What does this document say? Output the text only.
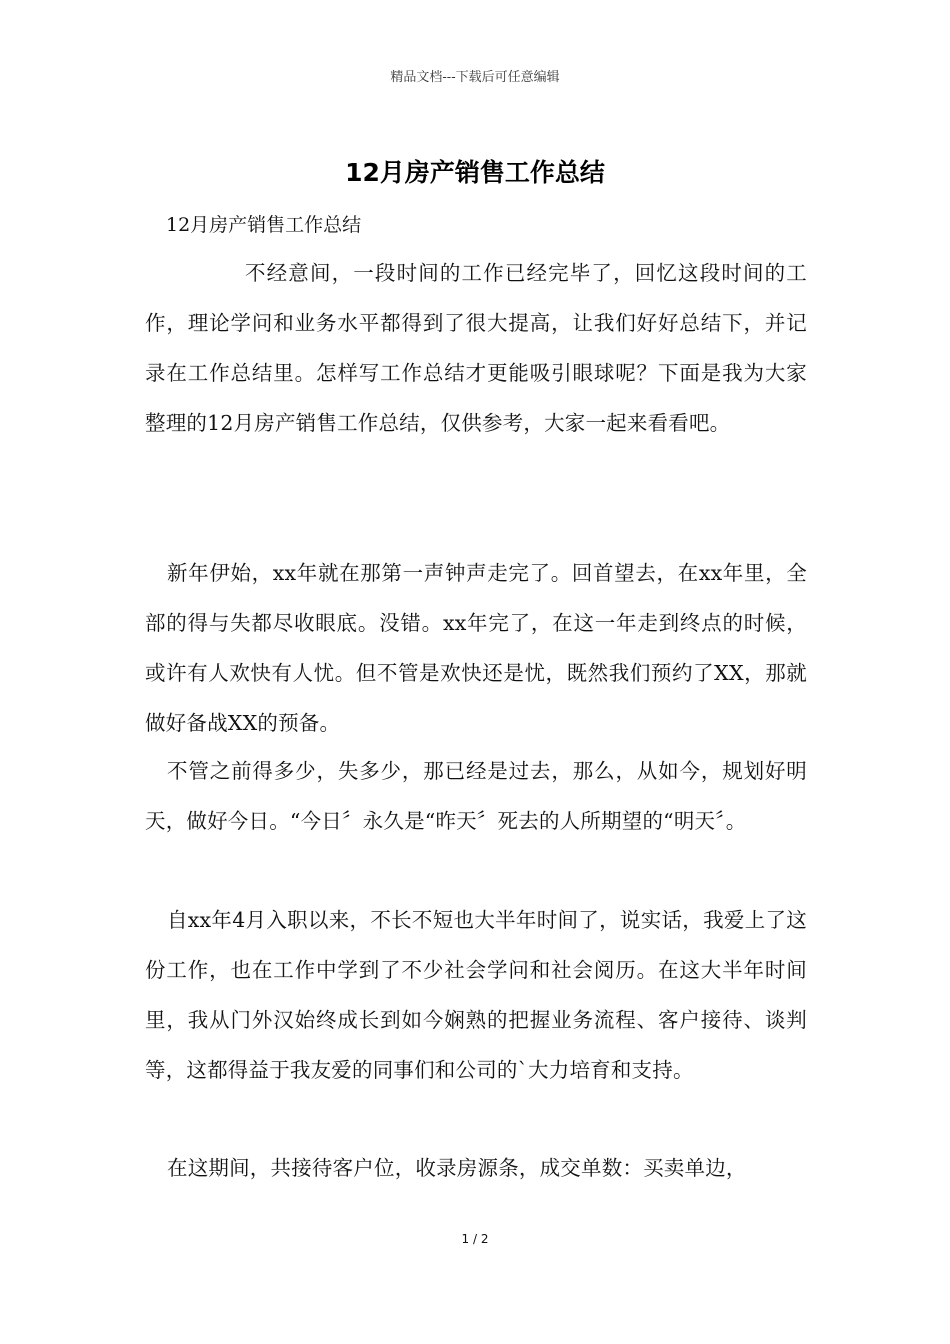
精品文档---下载后可任意编辑
12月房产销售工作总结
12月房产销售工作总结

不经意间，一段时间的工作已经完毕了，回忆这段时间的工作，理论学问和业务水平都得到了很大提高，让我们好好总结下，并记录在工作总结里。怎样写工作总结才更能吸引眼球呢？下面是我为大家整理的12月房产销售工作总结，仅供参考，大家一起来看看吧。

新年伊始，xx年就在那第一声钟声走完了。回首望去，在xx年里，全部的得与失都尽收眼底。没错。xx年完了，在这一年走到终点的时候，或许有人欢快有人忧。但不管是欢快还是忧，既然我们预约了XX，那就做好备战XX的预备。

不管之前得多少，失多少，那已经是过去，那么，从如今，规划好明天，做好今日。“今日〞永久是“昨天〞死去的人所期望的“明天〞。

自xx年4月入职以来，不长不短也大半年时间了，说实话，我爱上了这份工作，也在工作中学到了不少社会学问和社会阅历。在这大半年时间里，我从门外汉始终成长到如今娴熟的把握业务流程、客户接待、谈判等，这都得益于我友爱的同事们和公司的`大力培育和支持。

在这期间，共接待客户位，收录房源条，成交单数：买卖单边，

1 / 2
